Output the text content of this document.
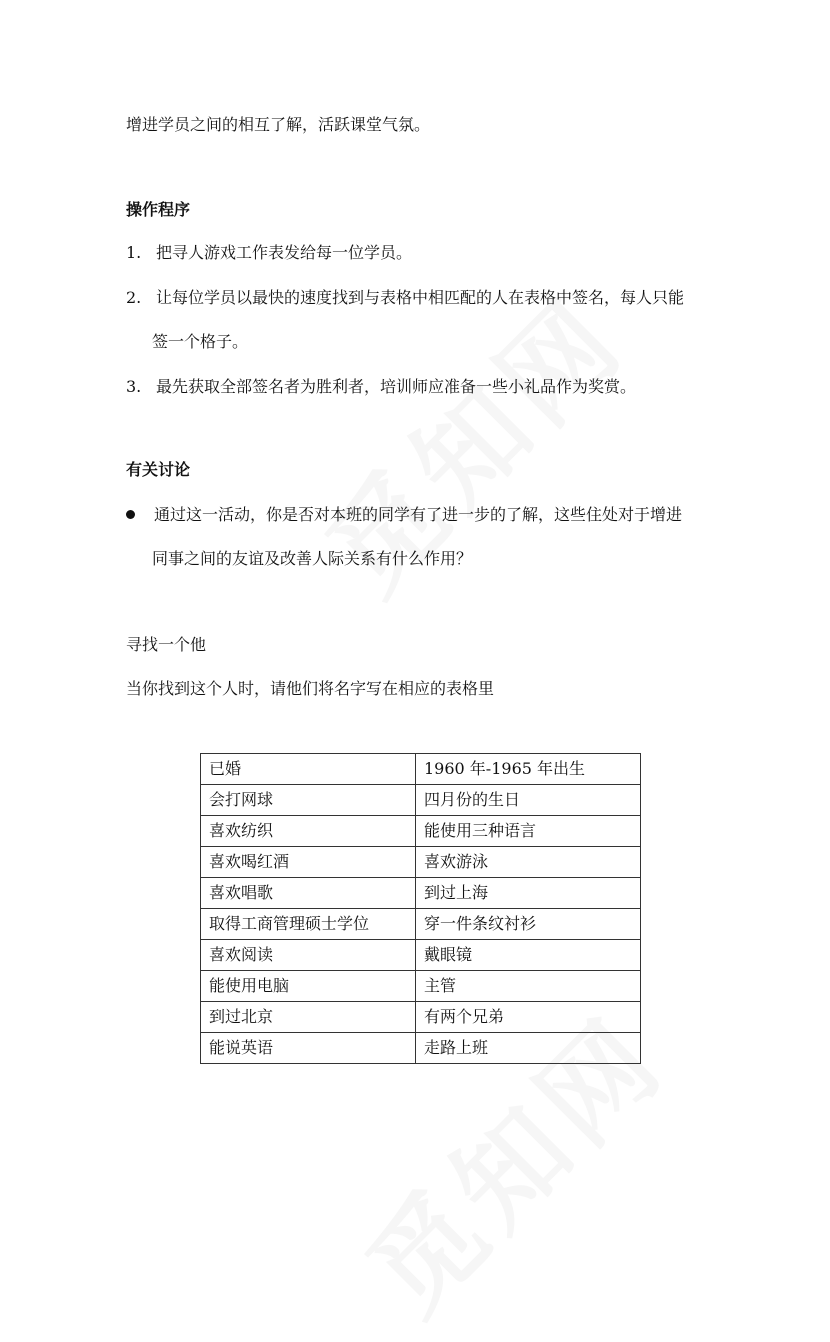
增进学员之间的相互了解，活跃课堂气氛。
操作程序
1. 把寻人游戏工作表发给每一位学员。
2. 让每位学员以最快的速度找到与表格中相匹配的人在表格中签名，每人只能
签一个格子。
3. 最先获取全部签名者为胜利者，培训师应准备一些小礼品作为奖赏。
有关讨论
通过这一活动，你是否对本班的同学有了进一步的了解，这些住处对于增进
同事之间的友谊及改善人际关系有什么作用？
寻找一个他
当你找到这个人时，请他们将名字写在相应的表格里
已婚	1960 年-1965 年出生
会打网球	四月份的生日
喜欢纺织	能使用三种语言
喜欢喝红酒	喜欢游泳
喜欢唱歌	到过上海
取得工商管理硕士学位	穿一件条纹衬衫
喜欢阅读	戴眼镜
能使用电脑	主管
到过北京	有两个兄弟
能说英语	走路上班
